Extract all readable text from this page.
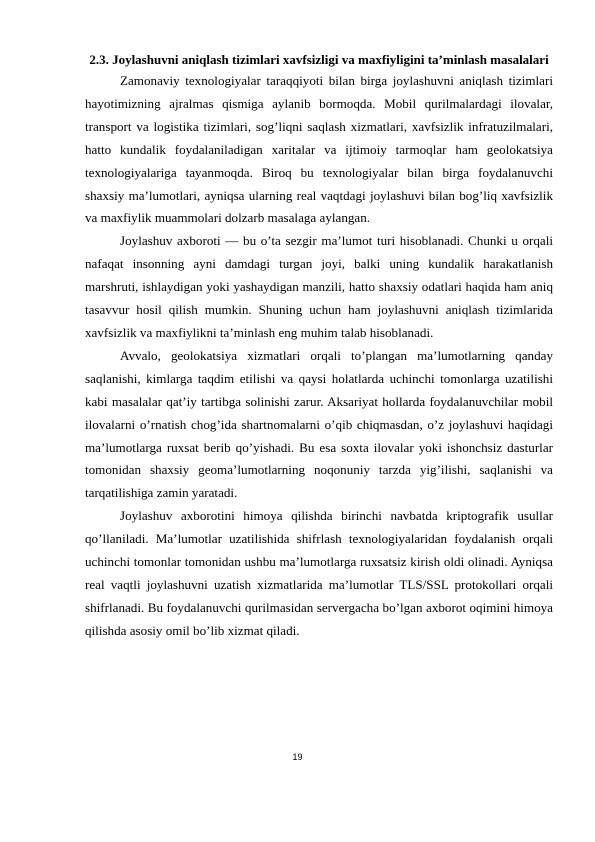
2.3. Joylashuvni aniqlash tizimlari xavfsizligi va maxfiyligini ta’minlash masalalari

Zamonaviy texnologiyalar taraqqiyoti bilan birga joylashuvni aniqlash tizimlari hayotimizning ajralmas qismiga aylanib bormoqda. Mobil qurilmalardagi ilovalar, transport va logistika tizimlari, sog’liqni saqlash xizmatlari, xavfsizlik infratuzilmalari, hatto kundalik foydalaniladigan xaritalar va ijtimoiy tarmoqlar ham geolokatsiya texnologiyalariga tayanmoqda. Biroq bu texnologiyalar bilan birga foydalanuvchi shaxsiy ma’lumotlari, ayniqsa ularning real vaqtdagi joylashuvi bilan bog’liq xavfsizlik va maxfiylik muammolari dolzarb masalaga aylangan.

Joylashuv axboroti — bu o’ta sezgir ma’lumot turi hisoblanadi. Chunki u orqali nafaqat insonning ayni damdagi turgan joyi, balki uning kundalik harakatlanish marshruti, ishlaydigan yoki yashaydigan manzili, hatto shaxsiy odatlari haqida ham aniq tasavvur hosil qilish mumkin. Shuning uchun ham joylashuvni aniqlash tizimlarida xavfsizlik va maxfiylikni ta’minlash eng muhim talab hisoblanadi.

Avvalo, geolokatsiya xizmatlari orqali to’plangan ma’lumotlarning qanday saqlanishi, kimlarga taqdim etilishi va qaysi holatlarda uchinchi tomonlarga uzatilishi kabi masalalar qat’iy tartibga solinishi zarur. Aksariyat hollarda foydalanuvchilar mobil ilovalarni o’rnatish chog’ida shartnomalarni o’qib chiqmasdan, o’z joylashuvi haqidagi ma’lumotlarga ruxsat berib qo’yishadi. Bu esa soxta ilovalar yoki ishonchsiz dasturlar tomonidan shaxsiy geoma’lumotlarning noqonuniy tarzda yig’ilishi, saqlanishi va tarqatilishiga zamin yaratadi.

Joylashuv axborotini himoya qilishda birinchi navbatda kriptografik usullar qo’llaniladi. Ma’lumotlar uzatilishida shifrlash texnologiyalaridan foydalanish orqali uchinchi tomonlar tomonidan ushbu ma’lumotlarga ruxsatsiz kirish oldi olinadi. Ayniqsa real vaqtli joylashuvni uzatish xizmatlarida ma’lumotlar TLS/SSL protokollari orqali shifrlanadi. Bu foydalanuvchi qurilmasidan servergacha bo’lgan axborot oqimini himoya qilishda asosiy omil bo’lib xizmat qiladi.

19
